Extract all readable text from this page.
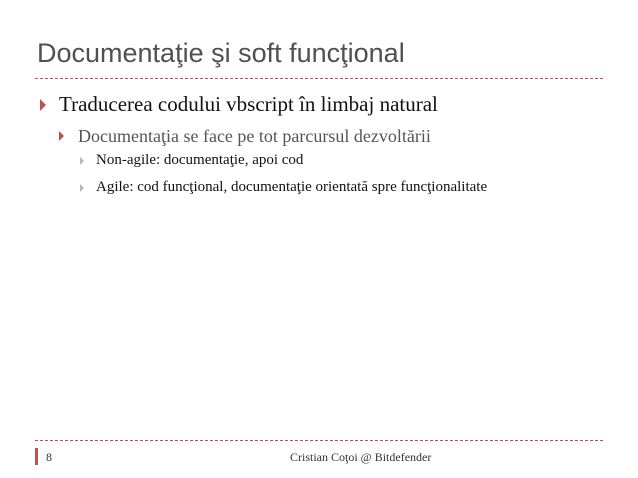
Documentaţie şi soft funcţional
Traducerea codului vbscript în limbaj natural
Documentaţia se face pe tot parcursul dezvoltării
Non-agile: documentaţie, apoi cod
Agile: cod funcţional, documentaţie orientată spre funcţionalitate
8	Cristian Coţoi @ Bitdefender
